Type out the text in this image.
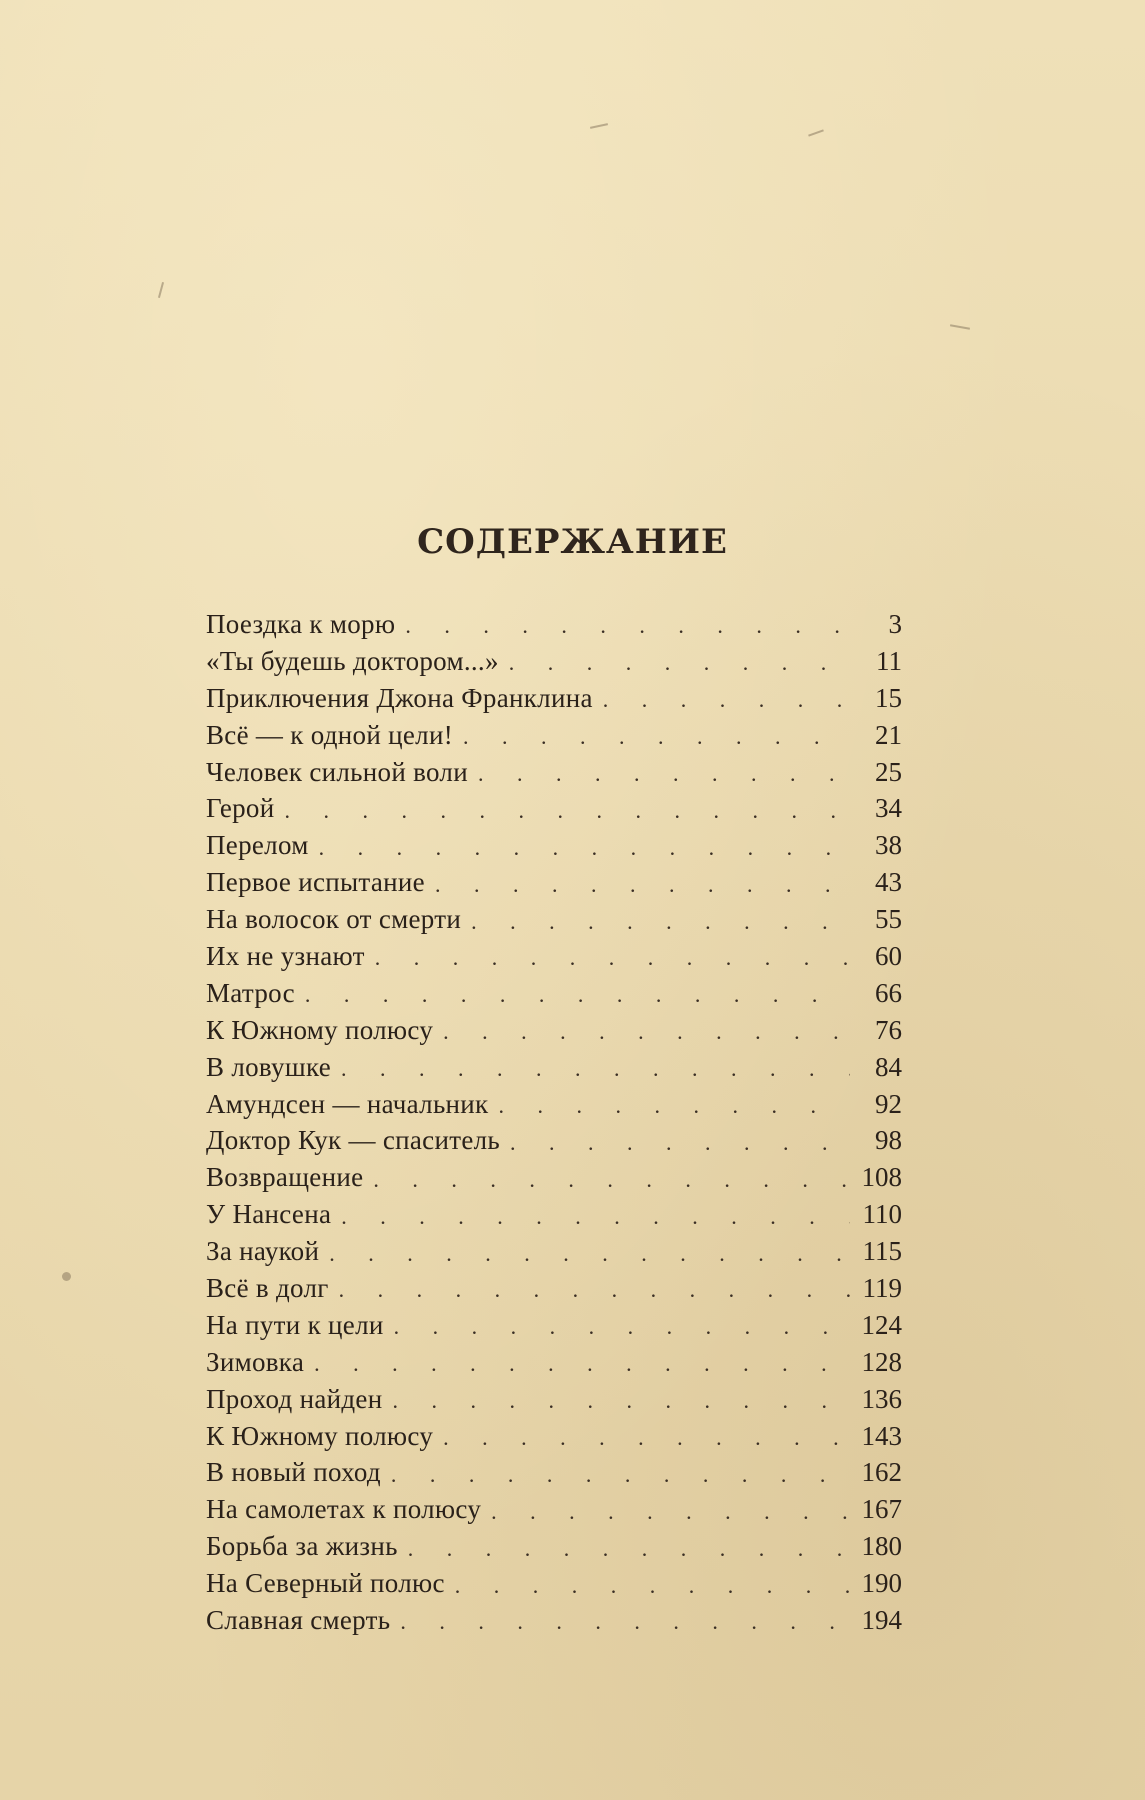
СОДЕРЖАНИЕ
Поездка к морю . . .	3
«Ты будешь доктором...» . . .	11
Приключения Джона Франклина . . .	15
Всё — к одной цели! . . .	21
Человек сильной воли . . .	25
Герой . . .	34
Перелом . . .	38
Первое испытание . . .	43
На волосок от смерти . . .	55
Их не узнают . . .	60
Матрос . . .	66
К Южному полюсу . . .	76
В ловушке . . .	84
Амундсен — начальник . . .	92
Доктор Кук — спаситель . . .	98
Возвращение . . .	108
У Нансена . . .	110
За наукой . . .	115
Всё в долг . . .	119
На пути к цели . . .	124
Зимовка . . .	128
Проход найден . . .	136
К Южному полюсу . . .	143
В новый поход . . .	162
На самолетах к полюсу . . .	167
Борьба за жизнь . . .	180
На Северный полюс . . .	190
Славная смерть . . .	194
